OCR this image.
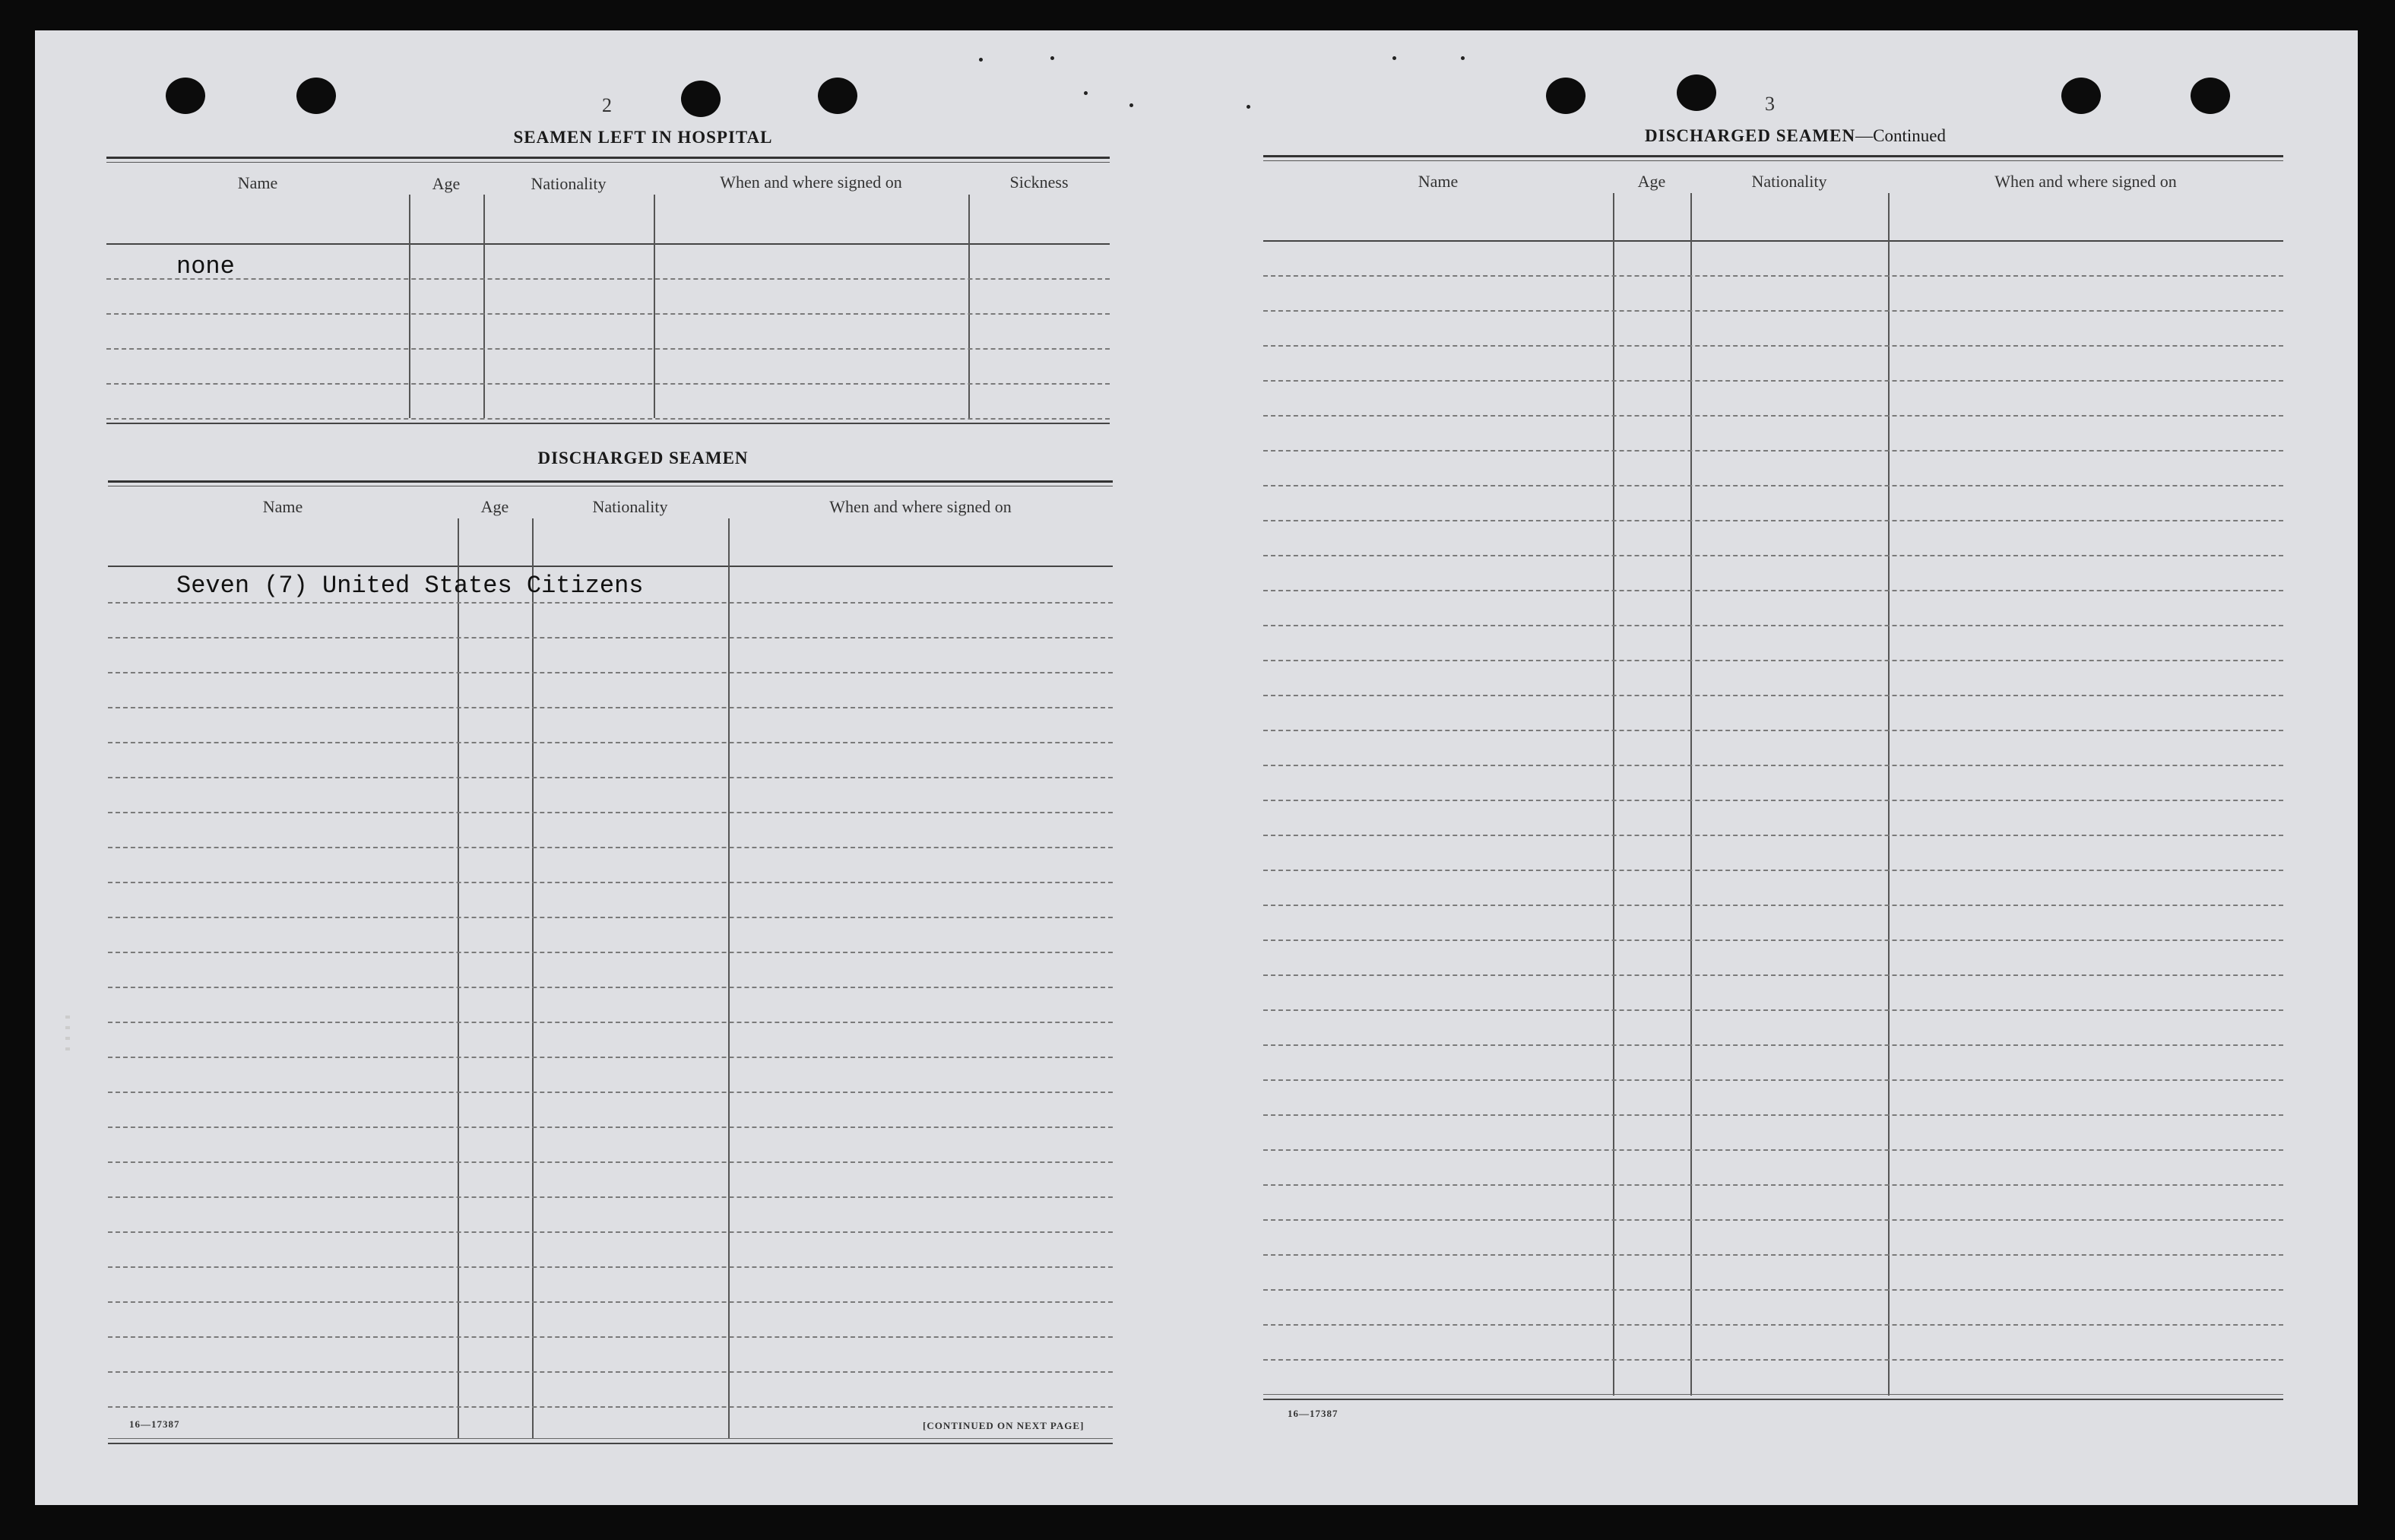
2
SEAMEN LEFT IN HOSPITAL
Name	Age	Nationality	When and where signed on	Sickness
none
DISCHARGED SEAMEN
Name	Age	Nationality	When and where signed on
Seven (7) United States Citizens
16—17387	[CONTINUED ON NEXT PAGE]
3
DISCHARGED SEAMEN—Continued
Name	Age	Nationality	When and where signed on
16—17387
